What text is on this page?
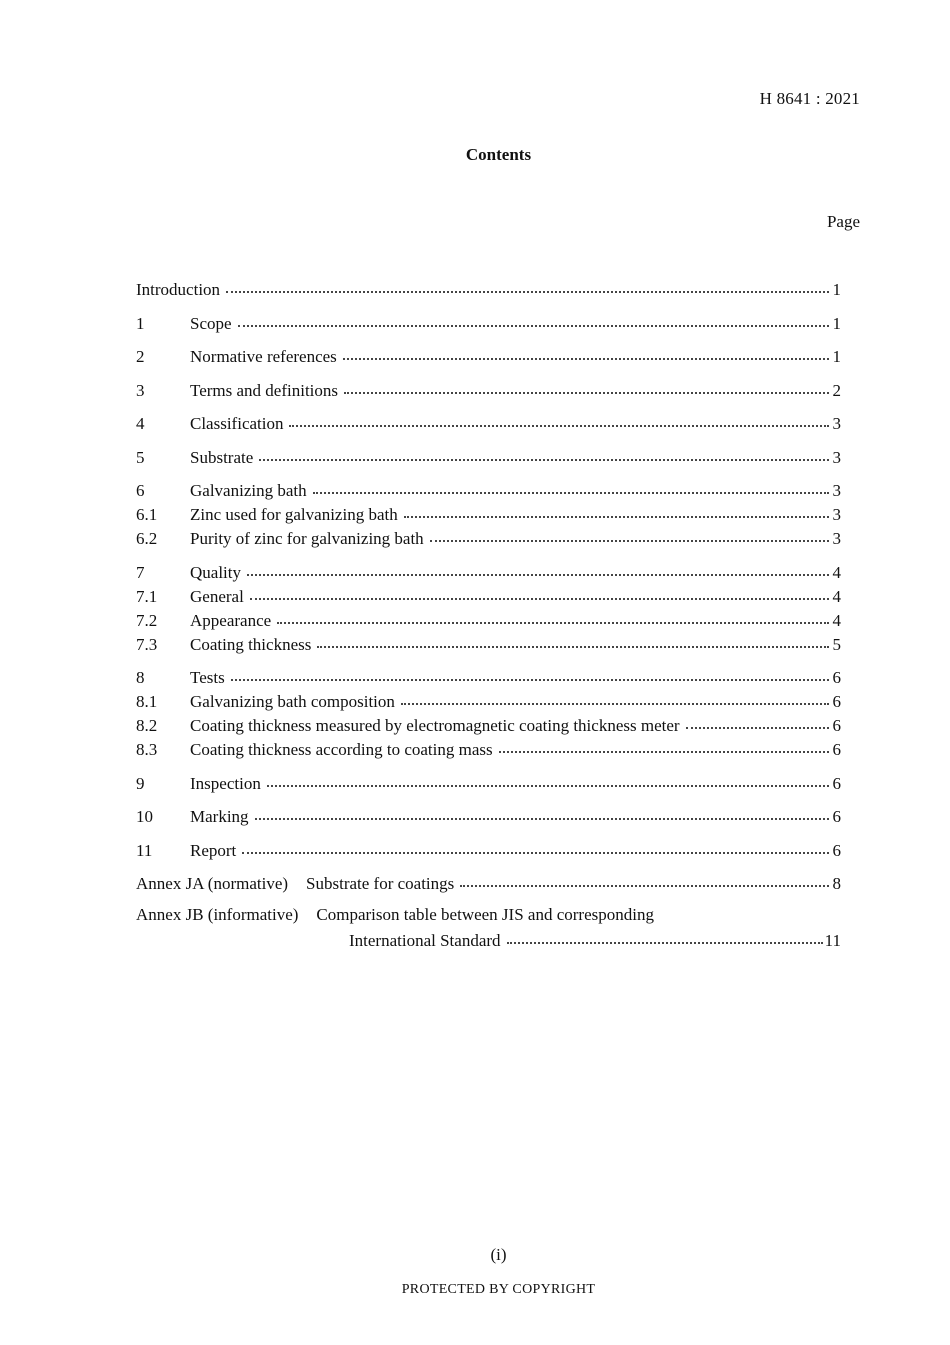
H 8641 : 2021
Contents
Page
Introduction	1
1	Scope	1
2	Normative references	1
3	Terms and definitions	2
4	Classification	3
5	Substrate	3
6	Galvanizing bath	3
6.1	Zinc used for galvanizing bath	3
6.2	Purity of zinc for galvanizing bath	3
7	Quality	4
7.1	General	4
7.2	Appearance	4
7.3	Coating thickness	5
8	Tests	6
8.1	Galvanizing bath composition	6
8.2	Coating thickness measured by electromagnetic coating thickness meter	6
8.3	Coating thickness according to coating mass	6
9	Inspection	6
10	Marking	6
11	Report	6
Annex JA (normative)	Substrate for coatings	8
Annex JB (informative) Comparison table between JIS and corresponding
International Standard	11
(i)
PROTECTED BY COPYRIGHT
